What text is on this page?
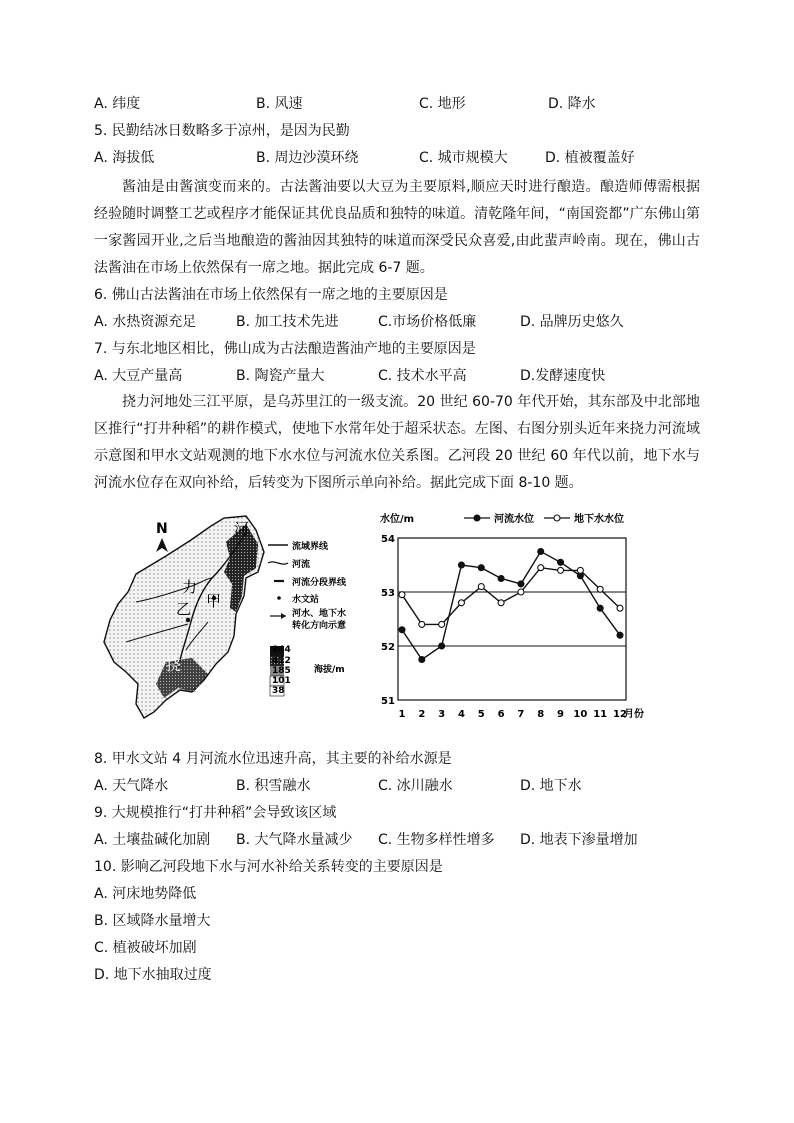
A. 纬度	B. 风速	C. 地形	D. 降水
5. 民勤结冰日数略多于凉州，是因为民勤
A. 海拔低	B. 周边沙漠环绕	C. 城市规模大	D. 植被覆盖好

酱油是由酱演变而来的。古法酱油要以大豆为主要原料,顺应天时进行酿造。酿造师傅需根据经验随时调整工艺或程序才能保证其优良品质和独特的味道。清乾隆年间，“南国瓷都”广东佛山第一家酱园开业,之后当地酿造的酱油因其独特的味道而深受民众喜爱,由此蜚声岭南。现在，佛山古法酱油在市场上依然保有一席之地。据此完成 6-7 题。

6. 佛山古法酱油在市场上依然保有一席之地的主要原因是
A. 水热资源充足	B. 加工技术先进	C.市场价格低廉	D. 品牌历史悠久
7. 与东北地区相比，佛山成为古法酿造酱油产地的主要原因是
A. 大豆产量高	B. 陶瓷产量大	C. 技术水平高	D.发酵速度快

挠力河地处三江平原，是乌苏里江的一级支流。20 世纪 60-70 年代开始，其东部及中北部地区推行“打井种稻”的耕作模式，使地下水常年处于超采状态。左图、右图分别头近年来挠力河流域示意图和甲水文站观测的地下水水位与河流水位关系图。乙河段 20 世纪 60 年代以前，地下水与河流水位存在双向补给，后转变为下图所示单向补给。据此完成下面 8-10 题。

N	河
力
乙 甲
挠
流域界线
河流
河流分段界线
水文站
河水、地下水
转化方向示意
844
412
185
101
38
海拔/m
51
52
53
54
1 2 3 4 5 6 7 8 9 10 11 12
水位/m
月份
河流水位	地下水水位
8. 甲水文站 4 月河流水位迅速升高，其主要的补给水源是
A. 天气降水	B. 积雪融水	C. 冰川融水	D. 地下水
9. 大规模推行“打井种稻”会导致该区域
A. 土壤盐碱化加剧 B. 大气降水量减少 C. 生物多样性增多 D. 地表下渗量增加
10. 影响乙河段地下水与河水补给关系转变的主要原因是
A. 河床地势降低
B. 区域降水量增大
C. 植被破坏加剧
D. 地下水抽取过度
